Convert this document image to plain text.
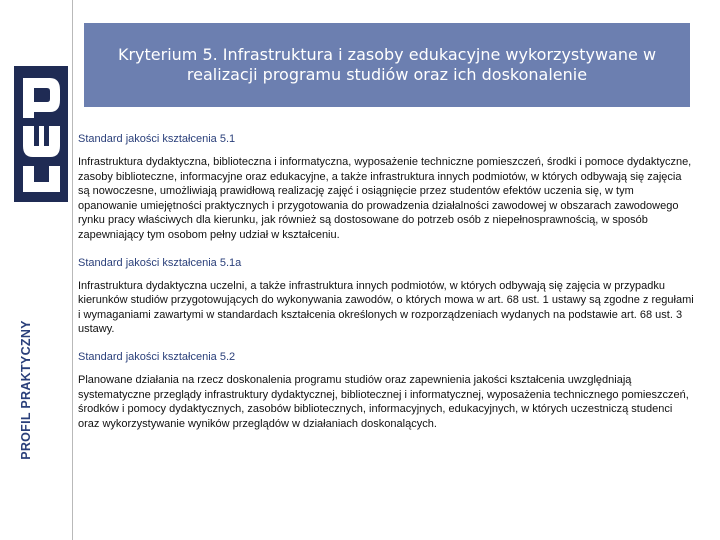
PROFIL PRAKTYCZNY
Kryterium 5. Infrastruktura i zasoby edukacyjne wykorzystywane w realizacji programu studiów oraz ich doskonalenie

Standard jakości kształcenia 5.1

Infrastruktura dydaktyczna, biblioteczna i informatyczna, wyposażenie techniczne pomieszczeń, środki i pomoce dydaktyczne, zasoby biblioteczne, informacyjne oraz edukacyjne, a także infrastruktura innych podmiotów, w których odbywają się zajęcia są nowoczesne, umożliwiają prawidłową realizację zajęć i osiągnięcie przez studentów efektów uczenia się, w tym opanowanie umiejętności praktycznych i przygotowania do prowadzenia działalności zawodowej w obszarach zawodowego rynku pracy właściwych dla kierunku, jak również są dostosowane do potrzeb osób z niepełnosprawnością, w sposób zapewniający tym osobom pełny udział w kształceniu.

Standard jakości kształcenia 5.1a

Infrastruktura dydaktyczna uczelni, a także infrastruktura innych podmiotów, w których odbywają się zajęcia w przypadku kierunków studiów przygotowujących do wykonywania zawodów, o których mowa w art. 68 ust. 1 ustawy są zgodne z regułami i wymaganiami zawartymi w standardach kształcenia określonych w rozporządzeniach wydanych na podstawie art. 68 ust. 3 ustawy.

Standard jakości kształcenia 5.2

Planowane działania na rzecz doskonalenia programu studiów oraz zapewnienia jakości kształcenia uwzględniają systematyczne przeglądy infrastruktury dydaktycznej, bibliotecznej i informatycznej, wyposażenia technicznego pomieszczeń, środków i pomocy dydaktycznych, zasobów bibliotecznych, informacyjnych, edukacyjnych, w których uczestniczą studenci oraz wykorzystywanie wyników przeglądów w działaniach doskonalących.
